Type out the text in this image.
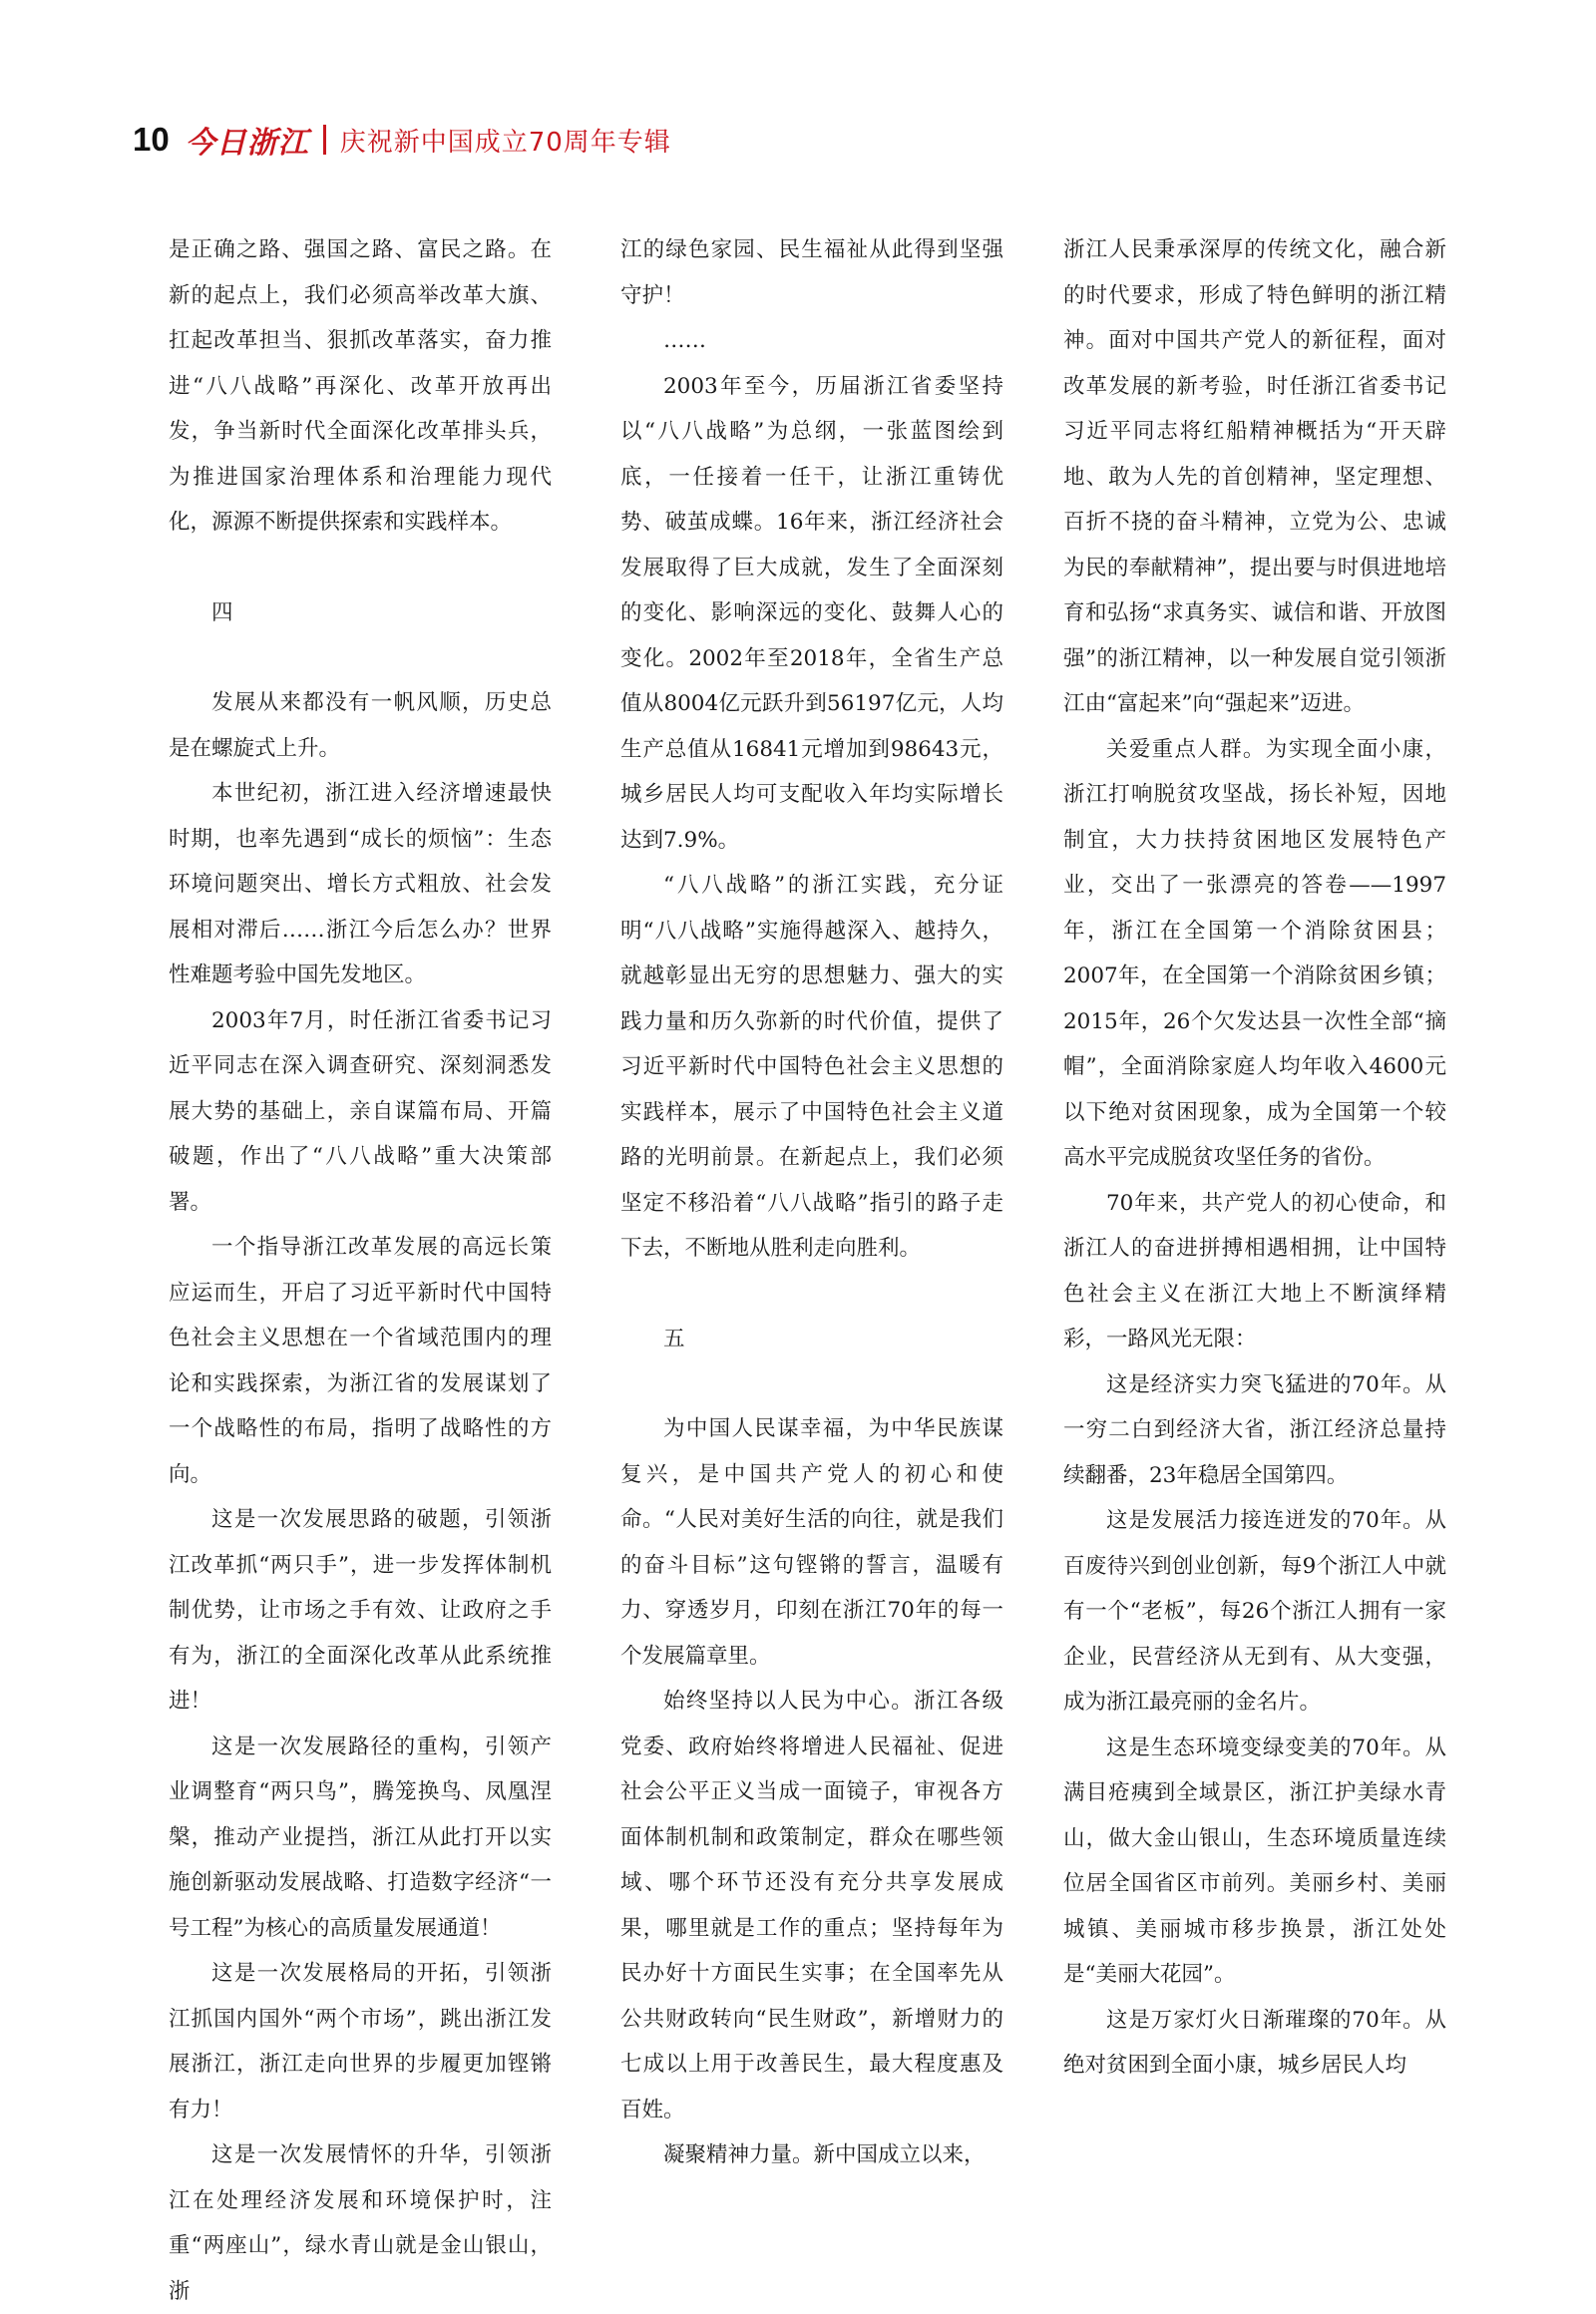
10 今日浙江 庆祝新中国成立70周年专辑

是正确之路、强国之路、富民之路。在新的起点上，我们必须高举改革大旗、扛起改革担当、狠抓改革落实，奋力推进“八八战略”再深化、改革开放再出发，争当新时代全面深化改革排头兵，为推进国家治理体系和治理能力现代化，源源不断提供探索和实践样本。

四

发展从来都没有一帆风顺，历史总是在螺旋式上升。

本世纪初，浙江进入经济增速最快时期，也率先遇到“成长的烦恼”：生态环境问题突出、增长方式粗放、社会发展相对滞后……浙江今后怎么办？世界性难题考验中国先发地区。

2003年7月，时任浙江省委书记习近平同志在深入调查研究、深刻洞悉发展大势的基础上，亲自谋篇布局、开篇破题，作出了“八八战略”重大决策部署。

一个指导浙江改革发展的高远长策应运而生，开启了习近平新时代中国特色社会主义思想在一个省域范围内的理论和实践探索，为浙江省的发展谋划了一个战略性的布局，指明了战略性的方向。

这是一次发展思路的破题，引领浙江改革抓“两只手”，进一步发挥体制机制优势，让市场之手有效、让政府之手有为，浙江的全面深化改革从此系统推进！

这是一次发展路径的重构，引领产业调整育“两只鸟”，腾笼换鸟、凤凰涅槃，推动产业提挡，浙江从此打开以实施创新驱动发展战略、打造数字经济“一号工程”为核心的高质量发展通道！

这是一次发展格局的开拓，引领浙江抓国内国外“两个市场”，跳出浙江发展浙江，浙江走向世界的步履更加铿锵有力！

这是一次发展情怀的升华，引领浙江在处理经济发展和环境保护时，注重“两座山”，绿水青山就是金山银山，浙

江的绿色家园、民生福祉从此得到坚强守护！

……

2003年至今，历届浙江省委坚持以“八八战略”为总纲，一张蓝图绘到底，一任接着一任干，让浙江重铸优势、破茧成蝶。16年来，浙江经济社会发展取得了巨大成就，发生了全面深刻的变化、影响深远的变化、鼓舞人心的变化。2002年至2018年，全省生产总值从8004亿元跃升到56197亿元，人均生产总值从16841元增加到98643元，城乡居民人均可支配收入年均实际增长达到7.9%。

“八八战略”的浙江实践，充分证明“八八战略”实施得越深入、越持久，就越彰显出无穷的思想魅力、强大的实践力量和历久弥新的时代价值，提供了习近平新时代中国特色社会主义思想的实践样本，展示了中国特色社会主义道路的光明前景。在新起点上，我们必须坚定不移沿着“八八战略”指引的路子走下去，不断地从胜利走向胜利。

五

为中国人民谋幸福，为中华民族谋复兴，是中国共产党人的初心和使命。“人民对美好生活的向往，就是我们的奋斗目标”这句铿锵的誓言，温暖有力、穿透岁月，印刻在浙江70年的每一个发展篇章里。

始终坚持以人民为中心。浙江各级党委、政府始终将增进人民福祉、促进社会公平正义当成一面镜子，审视各方面体制机制和政策制定，群众在哪些领域、哪个环节还没有充分共享发展成果，哪里就是工作的重点；坚持每年为民办好十方面民生实事；在全国率先从公共财政转向“民生财政”，新增财力的七成以上用于改善民生，最大程度惠及百姓。

凝聚精神力量。新中国成立以来，

浙江人民秉承深厚的传统文化，融合新的时代要求，形成了特色鲜明的浙江精神。面对中国共产党人的新征程，面对改革发展的新考验，时任浙江省委书记习近平同志将红船精神概括为“开天辟地、敢为人先的首创精神，坚定理想、百折不挠的奋斗精神，立党为公、忠诚为民的奉献精神”，提出要与时俱进地培育和弘扬“求真务实、诚信和谐、开放图强”的浙江精神，以一种发展自觉引领浙江由“富起来”向“强起来”迈进。

关爱重点人群。为实现全面小康，浙江打响脱贫攻坚战，扬长补短，因地制宜，大力扶持贫困地区发展特色产业，交出了一张漂亮的答卷——1997年，浙江在全国第一个消除贫困县；2007年，在全国第一个消除贫困乡镇；2015年，26个欠发达县一次性全部“摘帽”，全面消除家庭人均年收入4600元以下绝对贫困现象，成为全国第一个较高水平完成脱贫攻坚任务的省份。

70年来，共产党人的初心使命，和浙江人的奋进拼搏相遇相拥，让中国特色社会主义在浙江大地上不断演绎精彩，一路风光无限：

这是经济实力突飞猛进的70年。从一穷二白到经济大省，浙江经济总量持续翻番，23年稳居全国第四。

这是发展活力接连迸发的70年。从百废待兴到创业创新，每9个浙江人中就有一个“老板”，每26个浙江人拥有一家企业，民营经济从无到有、从大变强，成为浙江最亮丽的金名片。

这是生态环境变绿变美的70年。从满目疮痍到全域景区，浙江护美绿水青山，做大金山银山，生态环境质量连续位居全国省区市前列。美丽乡村、美丽城镇、美丽城市移步换景，浙江处处是“美丽大花园”。

这是万家灯火日渐璀璨的70年。从绝对贫困到全面小康，城乡居民人均
